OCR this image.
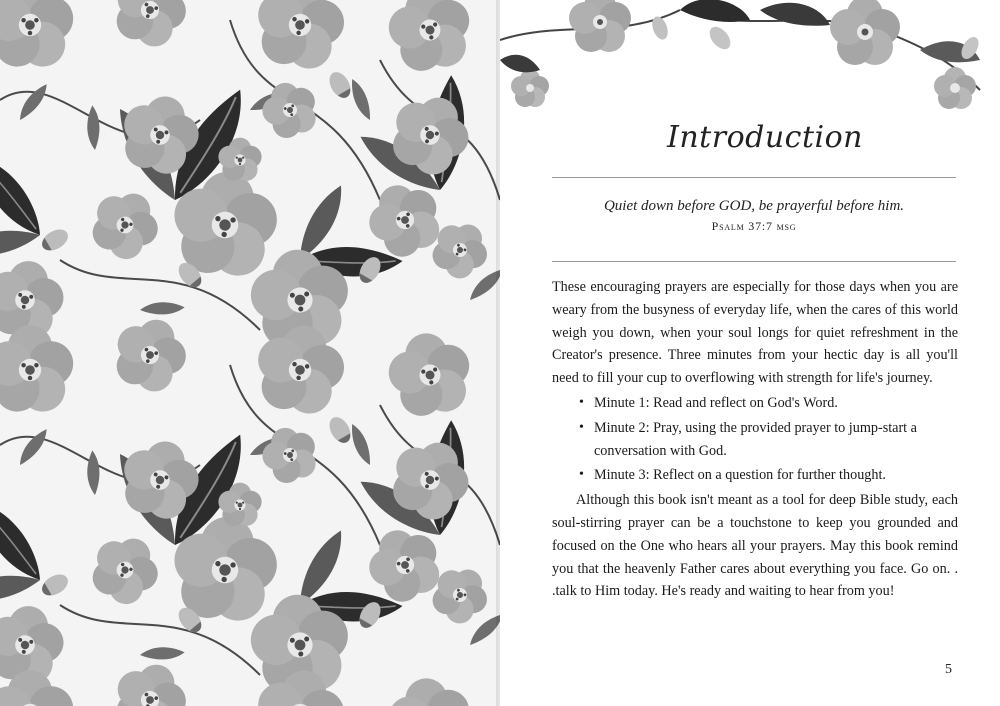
Introduction
Quiet down before GOD, be prayerful before him.
Psalm 37:7 msg

These encouraging prayers are especially for those days when you are weary from the busyness of everyday life, when the cares of this world weigh you down, when your soul longs for quiet refreshment in the Creator's presence. Three minutes from your hectic day is all you'll need to fill your cup to overflowing with strength for life's journey.

• Minute 1: Read and reflect on God's Word.
• Minute 2: Pray, using the provided prayer to jump-start a conversation with God.
• Minute 3: Reflect on a question for further thought.

Although this book isn't meant as a tool for deep Bible study, each soul-stirring prayer can be a touchstone to keep you grounded and focused on the One who hears all your prayers. May this book remind you that the heavenly Father cares about everything you face. Go on. . .talk to Him today. He's ready and waiting to hear from you!

5
